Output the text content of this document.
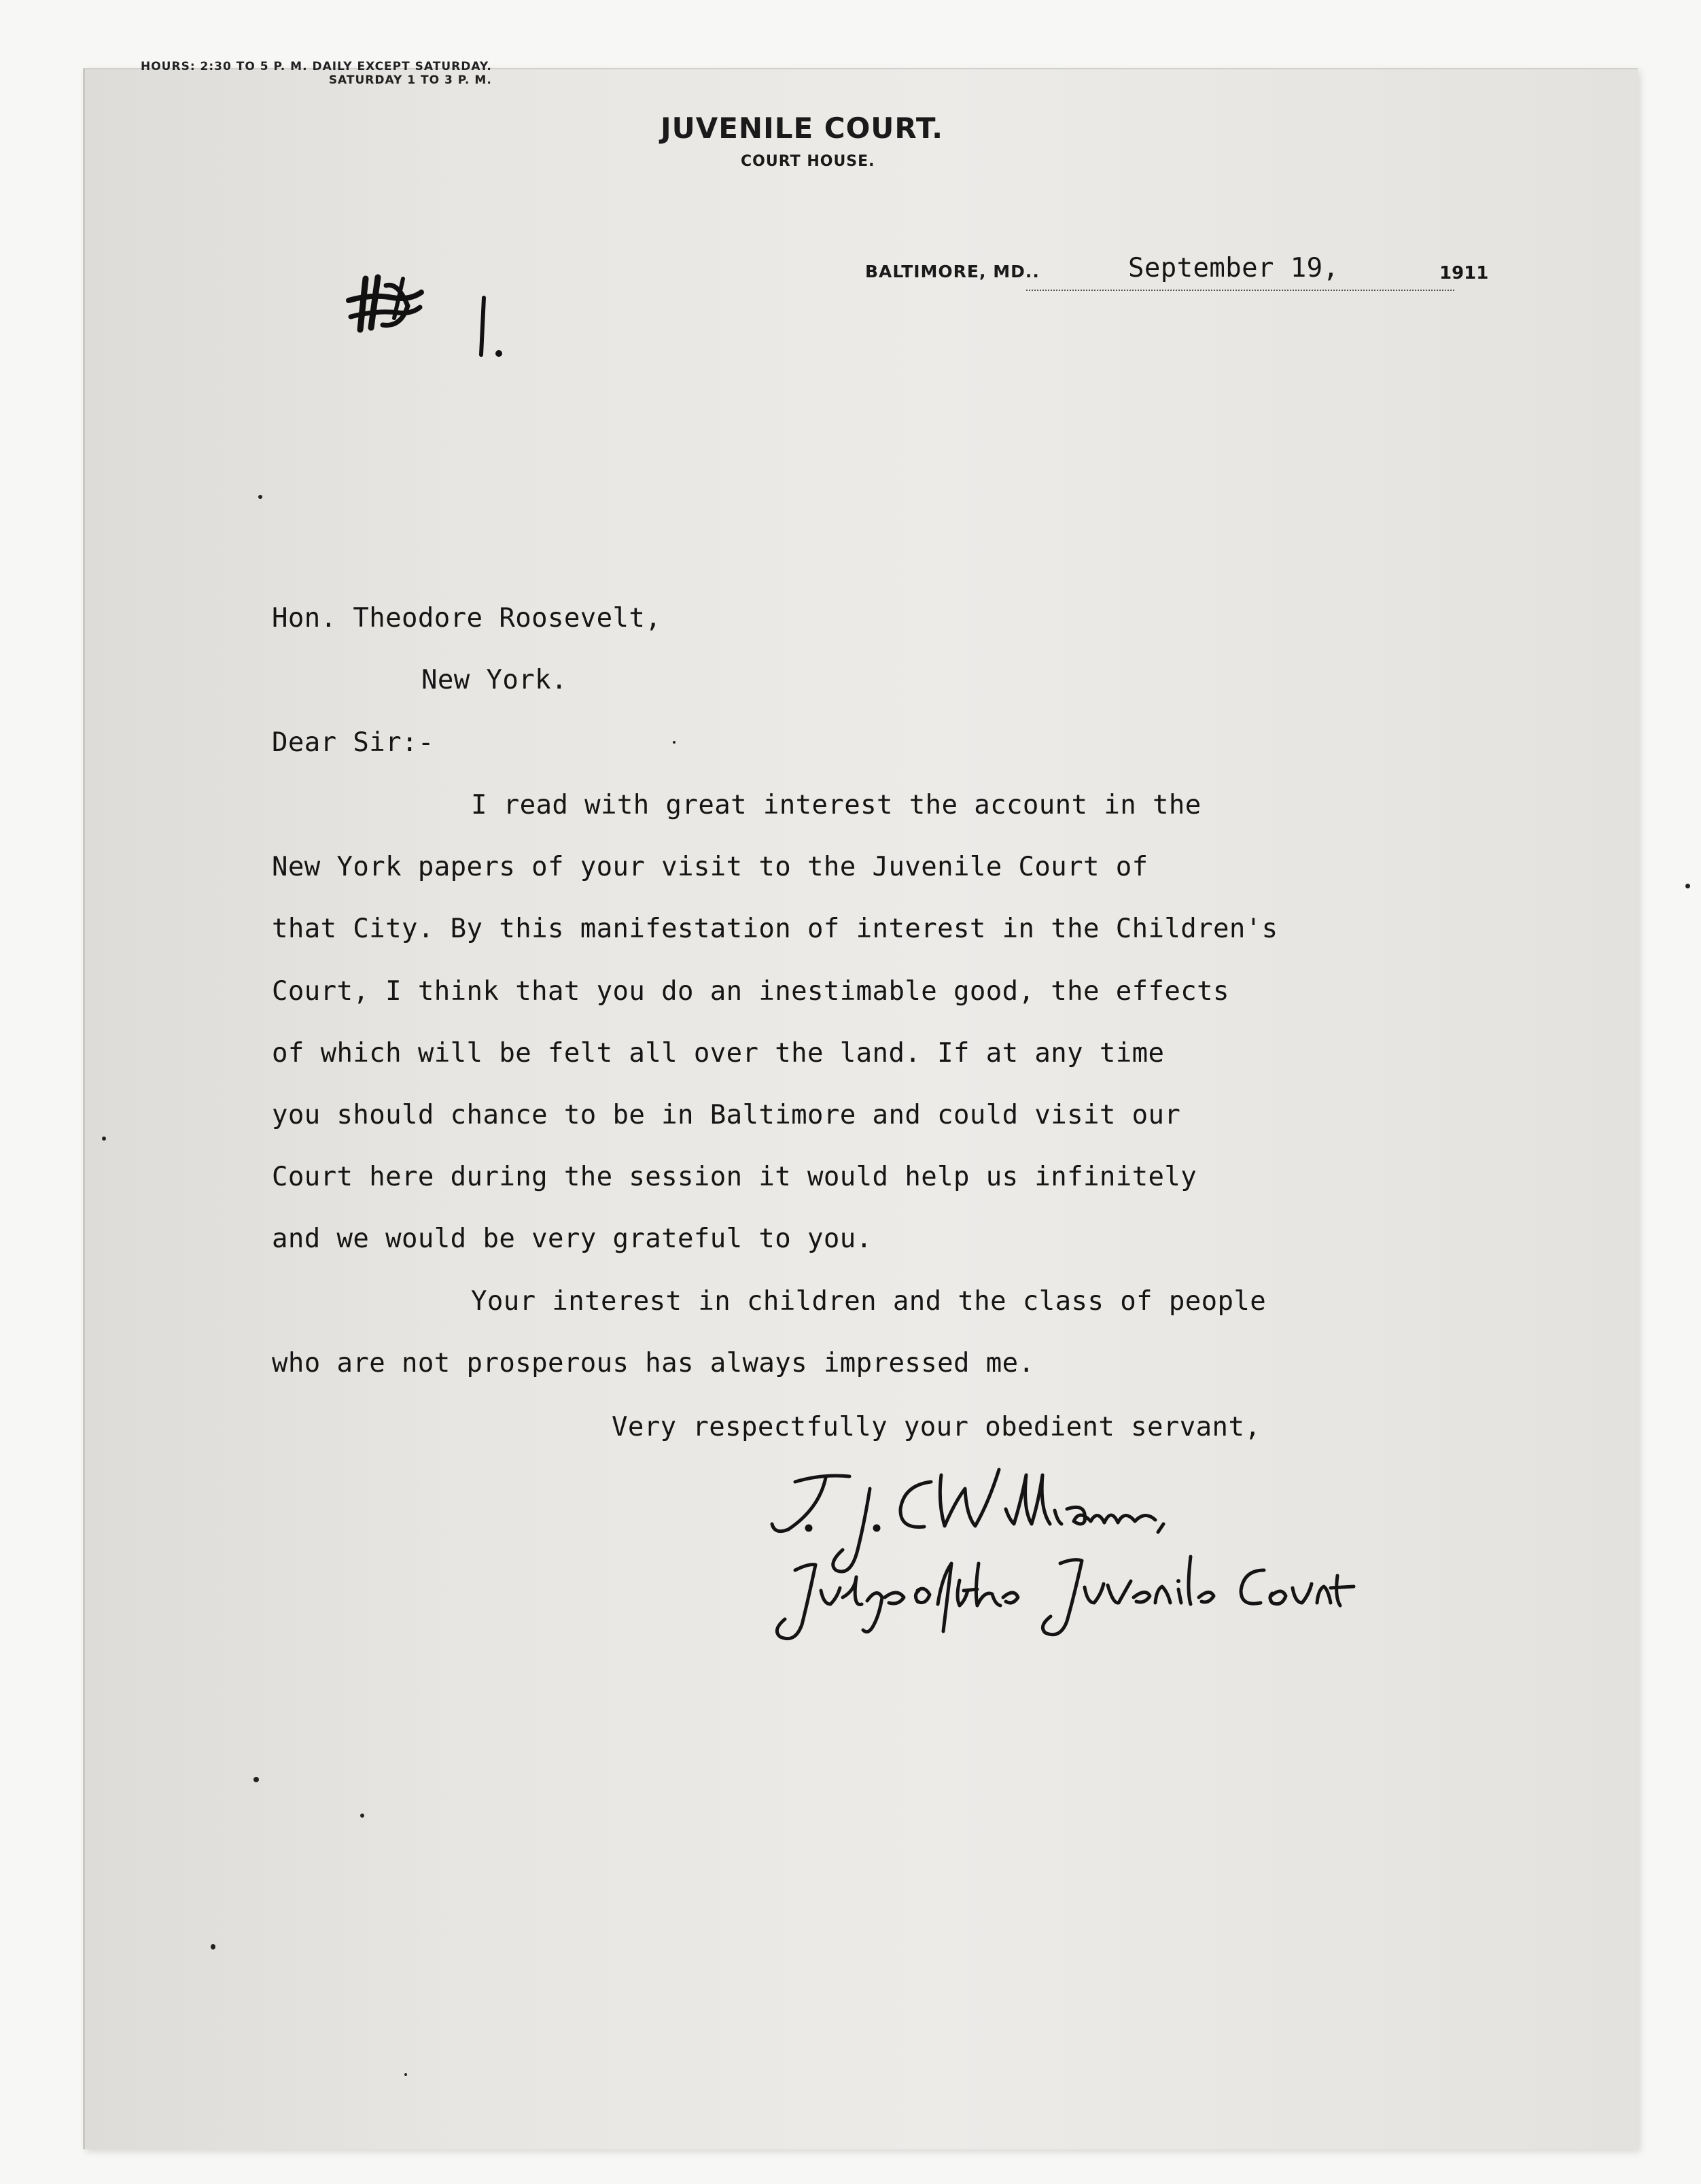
HOURS: 2:30 TO 5 P. M. DAILY EXCEPT SATURDAY.
SATURDAY 1 TO 3 P. M.
JUVENILE COURT.
COURT HOUSE.
BALTIMORE, MD..	September 19,	1911
Hon. Theodore Roosevelt,
New York.
Dear Sir:-
I read with great interest the account in the
New York papers of your visit to the Juvenile Court of
that City. By this manifestation of interest in the Children's
Court, I think that you do an inestimable good, the effects
of which will be felt all over the land. If at any time
you should chance to be in Baltimore and could visit our
Court here during the session it would help us infinitely
and we would be very grateful to you.
Your interest in children and the class of people
who are not prosperous has always impressed me.
Very respectfully your obedient servant,
